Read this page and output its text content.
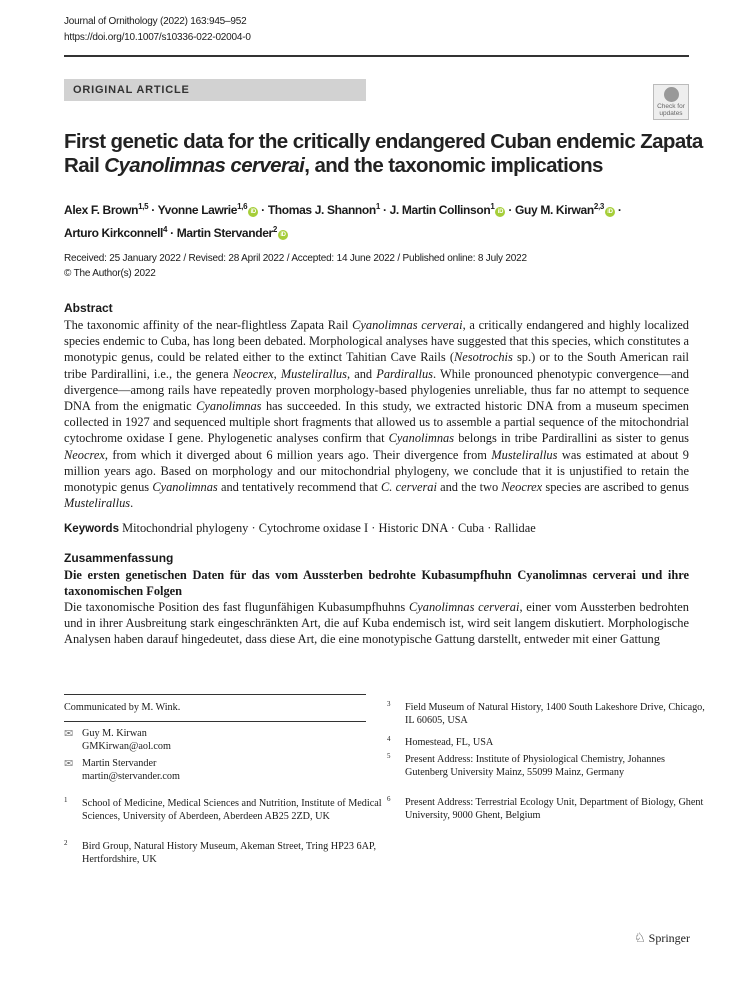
Journal of Ornithology (2022) 163:945–952
https://doi.org/10.1007/s10336-022-02004-0
ORIGINAL ARTICLE
Check for updates
First genetic data for the critically endangered Cuban endemic Zapata Rail Cyanolimnas cerverai, and the taxonomic implications
Alex F. Brown$^{1,5}$ · Yvonne Lawrie$^{1,6}$iD · Thomas J. Shannon$^1$ · J. Martin Collinson$^1$iD · Guy M. Kirwan$^{2,3}$iD ·
Arturo Kirkconnell$^4$ · Martin Stervander$^2$iD
Received: 25 January 2022 / Revised: 28 April 2022 / Accepted: 14 June 2022 / Published online: 8 July 2022
© The Author(s) 2022
Abstract
The taxonomic affinity of the near-flightless Zapata Rail Cyanolimnas cerverai, a critically endangered and highly localized species endemic to Cuba, has long been debated. Morphological analyses have suggested that this species, which constitutes a monotypic genus, could be related either to the extinct Tahitian Cave Rails (Nesotrochis sp.) or to the South American rail tribe Pardirallini, i.e., the genera Neocrex, Mustelirallus, and Pardirallus. While pronounced phenotypic convergence—and divergence—among rails have repeatedly proven morphology-based phylogenies unreliable, thus far no attempt to sequence DNA from the enigmatic Cyanolimnas has succeeded. In this study, we extracted historic DNA from a museum specimen collected in 1927 and sequenced multiple short fragments that allowed us to assemble a partial sequence of the mitochondrial cytochrome oxidase I gene. Phylogenetic analyses confirm that Cyanolimnas belongs in tribe Pardirallini as sister to genus Neocrex, from which it diverged about 6 million years ago. Their divergence from Mustelirallus was estimated at about 9 million years ago. Based on morphology and our mitochondrial phylogeny, we conclude that it is unjustified to retain the monotypic genus Cyanolimnas and tentatively recommend that C. cerverai and the two Neocrex species are ascribed to genus Mustelirallus.
Keywords Mitochondrial phylogeny · Cytochrome oxidase I · Historic DNA · Cuba · Rallidae
Zusammenfassung
Die ersten genetischen Daten für das vom Aussterben bedrohte Kubasumpfhuhn Cyanolimnas cerverai und ihre taxonomischen Folgen
Die taxonomische Position des fast flugunfähigen Kubasumpfhuhns Cyanolimnas cerverai, einer vom Aussterben bedrohten und in ihrer Ausbreitung stark eingeschränkten Art, die auf Kuba endemisch ist, wird seit langem diskutiert. Morphologische Analysen haben darauf hingedeutet, dass diese Art, die eine monotypische Gattung darstellt, entweder mit einer Gattung
Communicated by M. Wink.
✉ Guy M. Kirwan
GMKirwan@aol.com
✉ Martin Stervander
martin@stervander.com
1 School of Medicine, Medical Sciences and Nutrition, Institute of Medical Sciences, University of Aberdeen, Aberdeen AB25 2ZD, UK
2 Bird Group, Natural History Museum, Akeman Street, Tring HP23 6AP, Hertfordshire, UK
3 Field Museum of Natural History, 1400 South Lakeshore Drive, Chicago, IL 60605, USA
4 Homestead, FL, USA
5 Present Address: Institute of Physiological Chemistry, Johannes Gutenberg University Mainz, 55099 Mainz, Germany
6 Present Address: Terrestrial Ecology Unit, Department of Biology, Ghent University, 9000 Ghent, Belgium
♘ Springer
